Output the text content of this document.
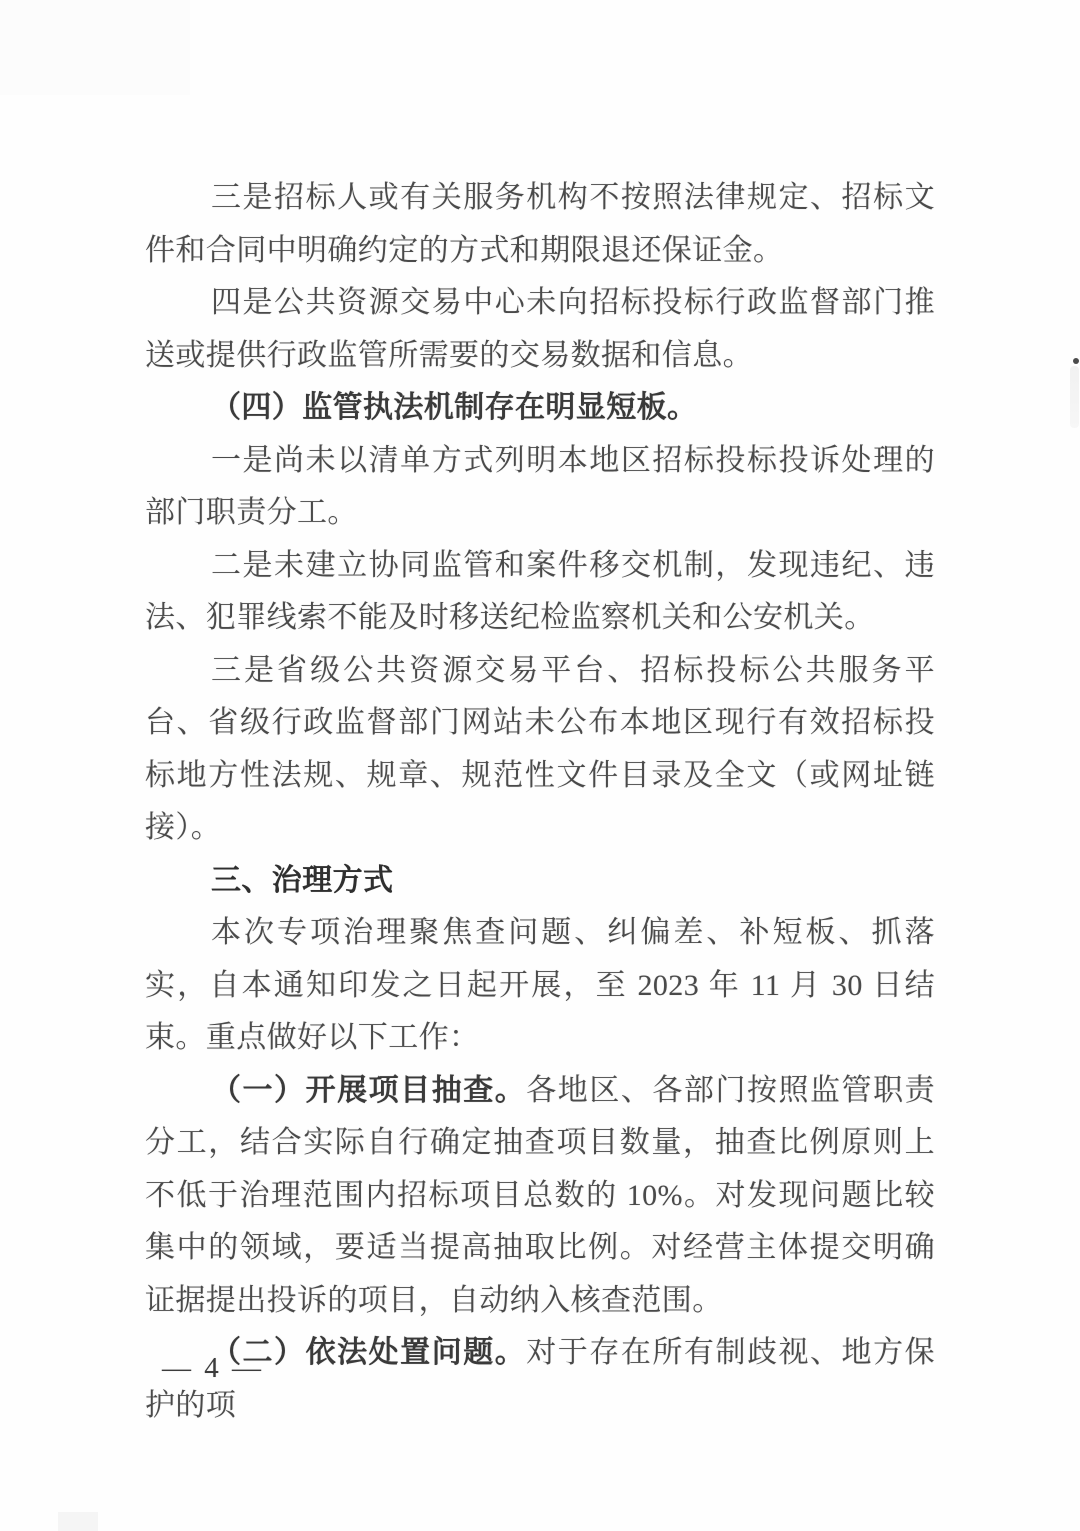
三是招标人或有关服务机构不按照法律规定、招标文件和合同中明确约定的方式和期限退还保证金。

四是公共资源交易中心未向招标投标行政监督部门推送或提供行政监管所需要的交易数据和信息。

（四）监管执法机制存在明显短板。

一是尚未以清单方式列明本地区招标投标投诉处理的部门职责分工。

二是未建立协同监管和案件移交机制，发现违纪、违法、犯罪线索不能及时移送纪检监察机关和公安机关。

三是省级公共资源交易平台、招标投标公共服务平台、省级行政监督部门网站未公布本地区现行有效招标投标地方性法规、规章、规范性文件目录及全文（或网址链接）。

三、治理方式

本次专项治理聚焦查问题、纠偏差、补短板、抓落实，自本通知印发之日起开展，至 2023 年 11 月 30 日结束。重点做好以下工作：

（一）开展项目抽查。各地区、各部门按照监管职责分工，结合实际自行确定抽查项目数量，抽查比例原则上不低于治理范围内招标项目总数的 10%。对发现问题比较集中的领域，要适当提高抽取比例。对经营主体提交明确证据提出投诉的项目，自动纳入核查范围。

（二）依法处置问题。对于存在所有制歧视、地方保护的项

— 4 —
